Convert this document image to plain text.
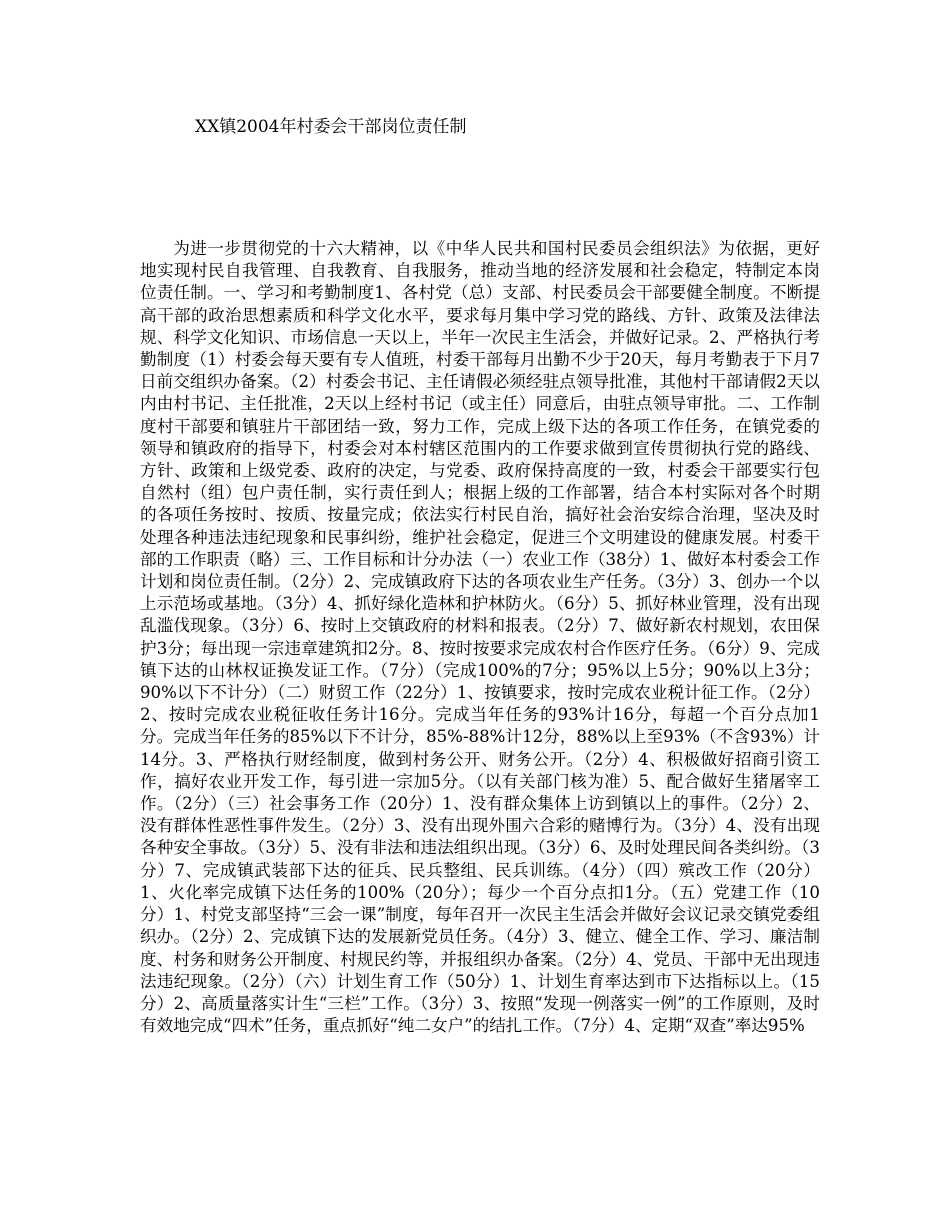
XX镇2004年村委会干部岗位责任制

为进一步贯彻党的十六大精神，以《中华人民共和国村民委员会组织法》为依据，更好地实现村民自我管理、自我教育、自我服务，推动当地的经济发展和社会稳定，特制定本岗位责任制。一、学习和考勤制度1、各村党（总）支部、村民委员会干部要健全制度。不断提高干部的政治思想素质和科学文化水平，要求每月集中学习党的路线、方针、政策及法律法规、科学文化知识、市场信息一天以上，半年一次民主生活会，并做好记录。2、严格执行考勤制度（1）村委会每天要有专人值班，村委干部每月出勤不少于20天，每月考勤表于下月7日前交组织办备案。（2）村委会书记、主任请假必须经驻点领导批准，其他村干部请假2天以内由村书记、主任批准，2天以上经村书记（或主任）同意后，由驻点领导审批。二、工作制度村干部要和镇驻片干部团结一致，努力工作，完成上级下达的各项工作任务，在镇党委的领导和镇政府的指导下，村委会对本村辖区范围内的工作要求做到宣传贯彻执行党的路线、方针、政策和上级党委、政府的决定，与党委、政府保持高度的一致，村委会干部要实行包自然村（组）包户责任制，实行责任到人；根据上级的工作部署，结合本村实际对各个时期的各项任务按时、按质、按量完成；依法实行村民自治，搞好社会治安综合治理，坚决及时处理各种违法违纪现象和民事纠纷，维护社会稳定，促进三个文明建设的健康发展。村委干部的工作职责（略）三、工作目标和计分办法（一）农业工作（38分）1、做好本村委会工作计划和岗位责任制。（2分）2、完成镇政府下达的各项农业生产任务。（3分）3、创办一个以上示范场或基地。（3分）4、抓好绿化造林和护林防火。（6分）5、抓好林业管理，没有出现乱滥伐现象。（3分）6、按时上交镇政府的材料和报表。（2分）7、做好新农村规划，农田保护3分；每出现一宗违章建筑扣2分。8、按时按要求完成农村合作医疗任务。（6分）9、完成镇下达的山林权证换发证工作。（7分）（完成100%的7分；95%以上5分；90%以上3分；90%以下不计分）（二）财贸工作（22分）1、按镇要求，按时完成农业税计征工作。（2分）2、按时完成农业税征收任务计16分。完成当年任务的93%计16分，每超一个百分点加1分。完成当年任务的85%以下不计分，85%-88%计12分，88%以上至93%（不含93%）计14分。3、严格执行财经制度，做到村务公开、财务公开。（2分）4、积极做好招商引资工作，搞好农业开发工作，每引进一宗加5分。（以有关部门核为准）5、配合做好生猪屠宰工作。（2分）（三）社会事务工作（20分）1、没有群众集体上访到镇以上的事件。（2分）2、没有群体性恶性事件发生。（2分）3、没有出现外围六合彩的赌博行为。（3分）4、没有出现各种安全事故。（3分）5、没有非法和违法组织出现。（3分）6、及时处理民间各类纠纷。（3分）7、完成镇武装部下达的征兵、民兵整组、民兵训练。（4分）（四）殡改工作（20分）1、火化率完成镇下达任务的100%（20分）；每少一个百分点扣1分。（五）党建工作（10分）1、村党支部坚持“三会一课”制度，每年召开一次民主生活会并做好会议记录交镇党委组织办。（2分）2、完成镇下达的发展新党员任务。（4分）3、健立、健全工作、学习、廉洁制度、村务和财务公开制度、村规民约等，并报组织办备案。（2分）4、党员、干部中无出现违法违纪现象。（2分）（六）计划生育工作（50分）1、计划生育率达到市下达指标以上。（15分）2、高质量落实计生“三栏”工作。（3分）3、按照“发现一例落实一例”的工作原则，及时有效地完成“四术”任务，重点抓好“纯二女户”的结扎工作。（7分）4、定期“双查”率达95%
